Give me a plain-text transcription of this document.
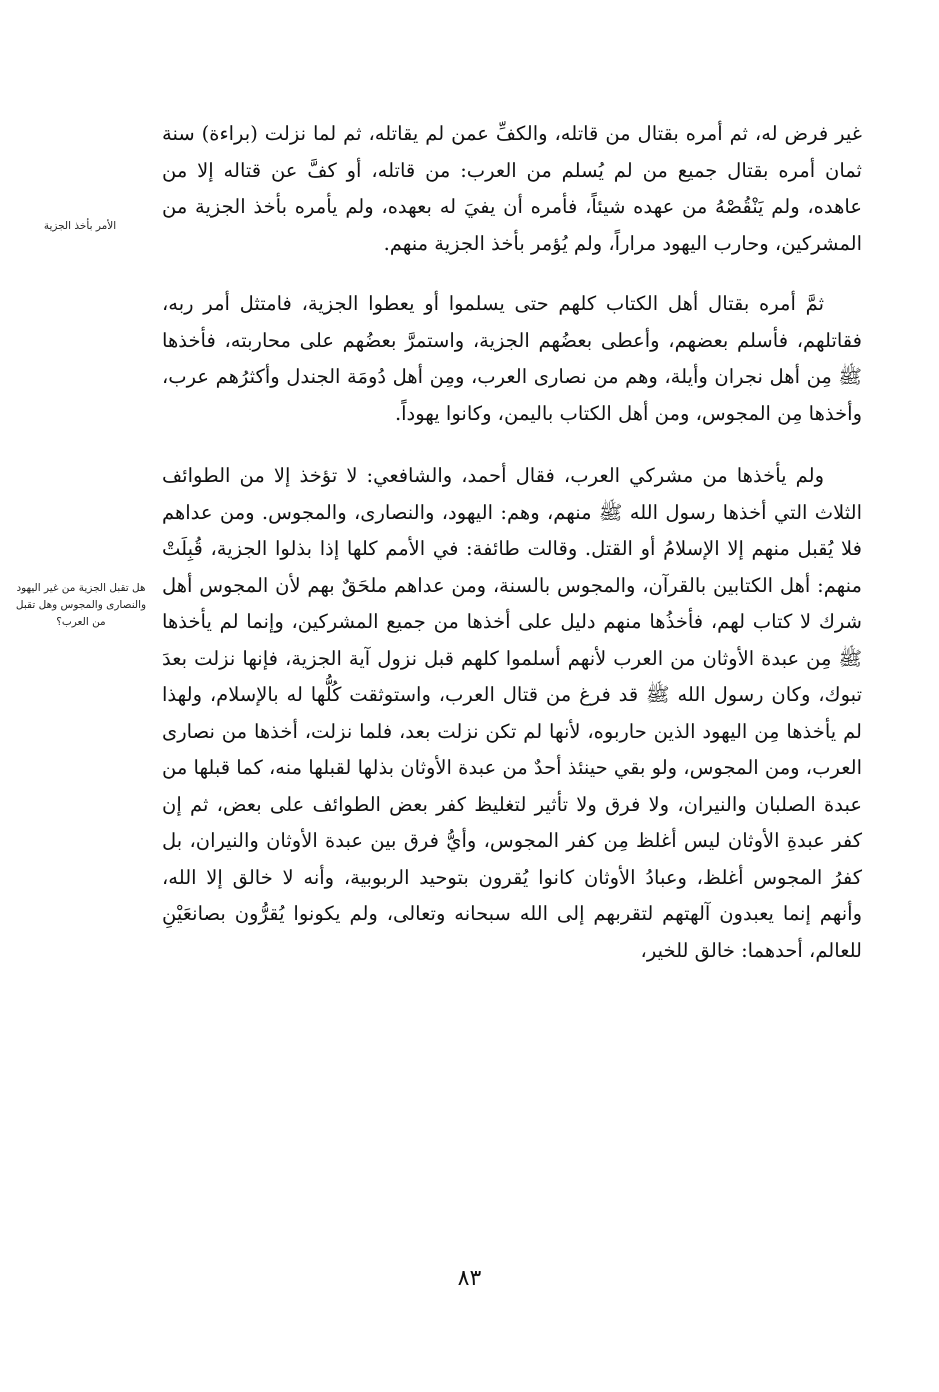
الأمر بأخذ الجزية
هل تقبل الجزية من غير اليهود والنصارى والمجوس وهل تقبل من العرب؟

غير فرض له، ثم أمره بقتال من قاتله، والكفِّ عمن لم يقاتله، ثم لما نزلت (براءة) سنة ثمان أمره بقتال جميع من لم يُسلم من العرب: من قاتله، أو كفَّ عن قتاله إلا من عاهده، ولم يَنْقُصْهُ من عهده شيئاً، فأمره أن يفيَ له بعهده، ولم يأمره بأخذ الجزية من المشركين، وحارب اليهود مراراً، ولم يُؤمر بأخذ الجزية منهم.

ثمَّ أمره بقتال أهل الكتاب كلهم حتى يسلموا أو يعطوا الجزية، فامتثل أمر ربه، فقاتلهم، فأسلم بعضهم، وأعطى بعضُهم الجزية، واستمرَّ بعضُهم على محاربته، فأخذها ﷺ مِن أهل نجران وأيلة، وهم من نصارى العرب، ومِن أهل دُومَة الجندل وأكثرُهم عرب، وأخذها مِن المجوس، ومن أهل الكتاب باليمن، وكانوا يهوداً.

ولم يأخذها من مشركي العرب، فقال أحمد، والشافعي: لا تؤخذ إلا من الطوائف الثلاث التي أخذها رسول الله ﷺ منهم، وهم: اليهود، والنصارى، والمجوس. ومن عداهم فلا يُقبل منهم إلا الإسلامُ أو القتل. وقالت طائفة: في الأمم كلها إذا بذلوا الجزية، قُبِلَتْ منهم: أهل الكتابين بالقرآن، والمجوس بالسنة، ومن عداهم ملحَقٌ بهم لأن المجوس أهل شرك لا كتاب لهم، فأخذُها منهم دليل على أخذها من جميع المشركين، وإنما لم يأخذها ﷺ مِن عبدة الأوثان من العرب لأنهم أسلموا كلهم قبل نزول آية الجزية، فإنها نزلت بعدَ تبوك، وكان رسول الله ﷺ قد فرغ من قتال العرب، واستوثقت كُلُّها له بالإسلام، ولهذا لم يأخذها مِن اليهود الذين حاربوه، لأنها لم تكن نزلت بعد، فلما نزلت، أخذها من نصارى العرب، ومن المجوس، ولو بقي حينئذ أحدٌ من عبدة الأوثان بذلها لقبلها منه، كما قبلها من عبدة الصلبان والنيران، ولا فرق ولا تأثير لتغليظ كفر بعض الطوائف على بعض، ثم إن كفر عبدةِ الأوثان ليس أغلظ مِن كفر المجوس، وأيُّ فرق بين عبدة الأوثان والنيران، بل كفرُ المجوس أغلظ، وعبادُ الأوثان كانوا يُقرون بتوحيد الربوبية، وأنه لا خالق إلا الله، وأنهم إنما يعبدون آلهتهم لتقربهم إلى الله سبحانه وتعالى، ولم يكونوا يُقرُّون بصانعَيْنِ للعالم، أحدهما: خالق للخير،

٨٣
